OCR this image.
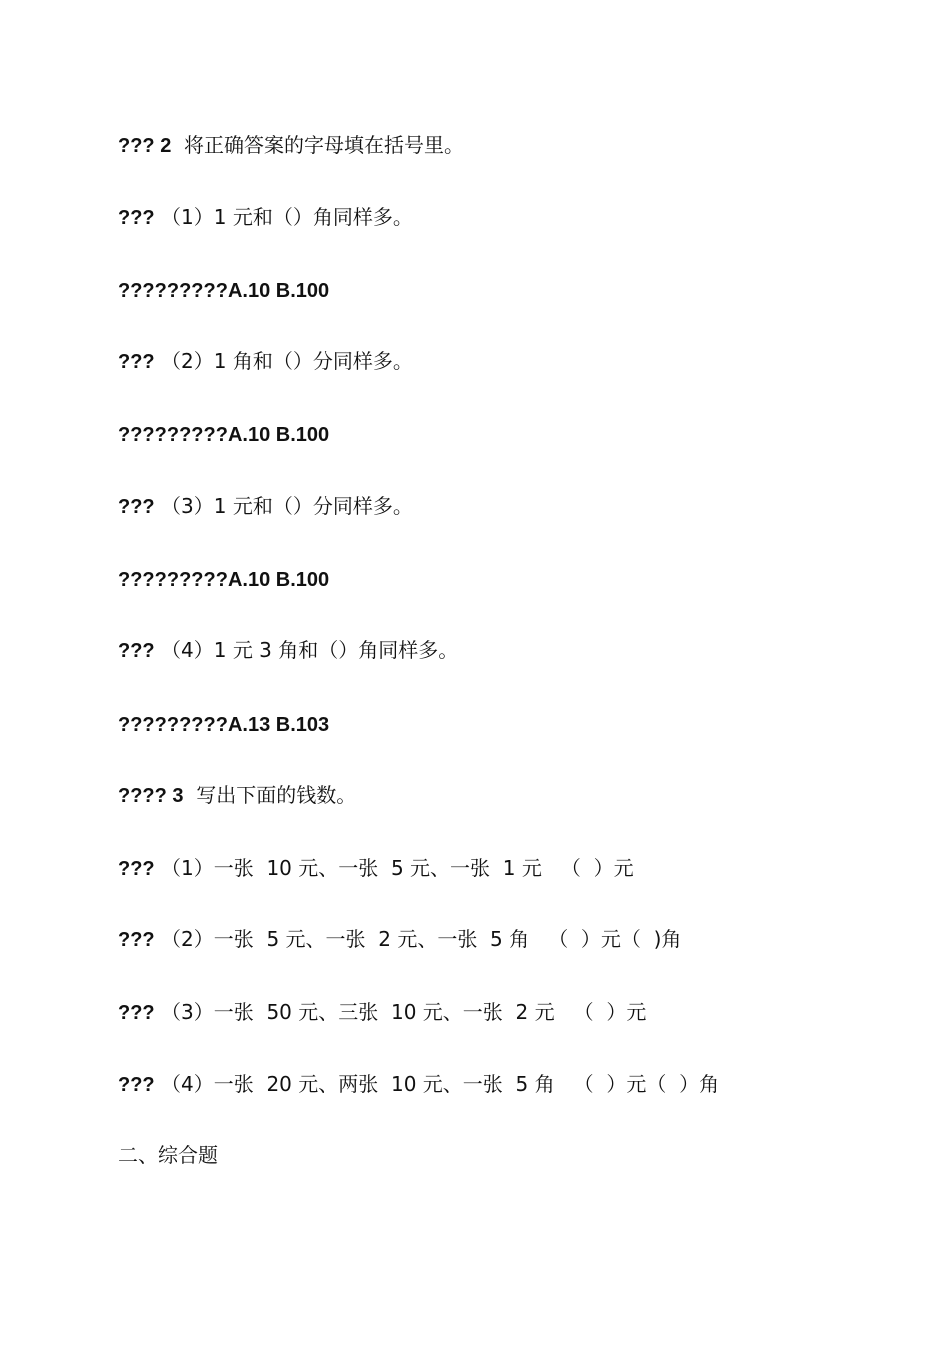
??? 2  将正确答案的字母填在括号里。
??? （1）1 元和（）角同样多。
?????????A.10 B.100
??? （2）1 角和（）分同样多。
?????????A.10 B.100
??? （3）1 元和（）分同样多。
?????????A.10 B.100
??? （4）1 元 3 角和（）角同样多。
?????????A.13 B.103
???? 3  写出下面的钱数。
??? （1）一张  10 元、一张  5 元、一张  1 元   （  ）元
??? （2）一张  5 元、一张  2 元、一张  5 角   （  ）元（  )角
??? （3）一张  50 元、三张  10 元、一张  2 元   （  ）元
??? （4）一张  20 元、两张  10 元、一张  5 角   （  ）元（  ）角
二、综合题
